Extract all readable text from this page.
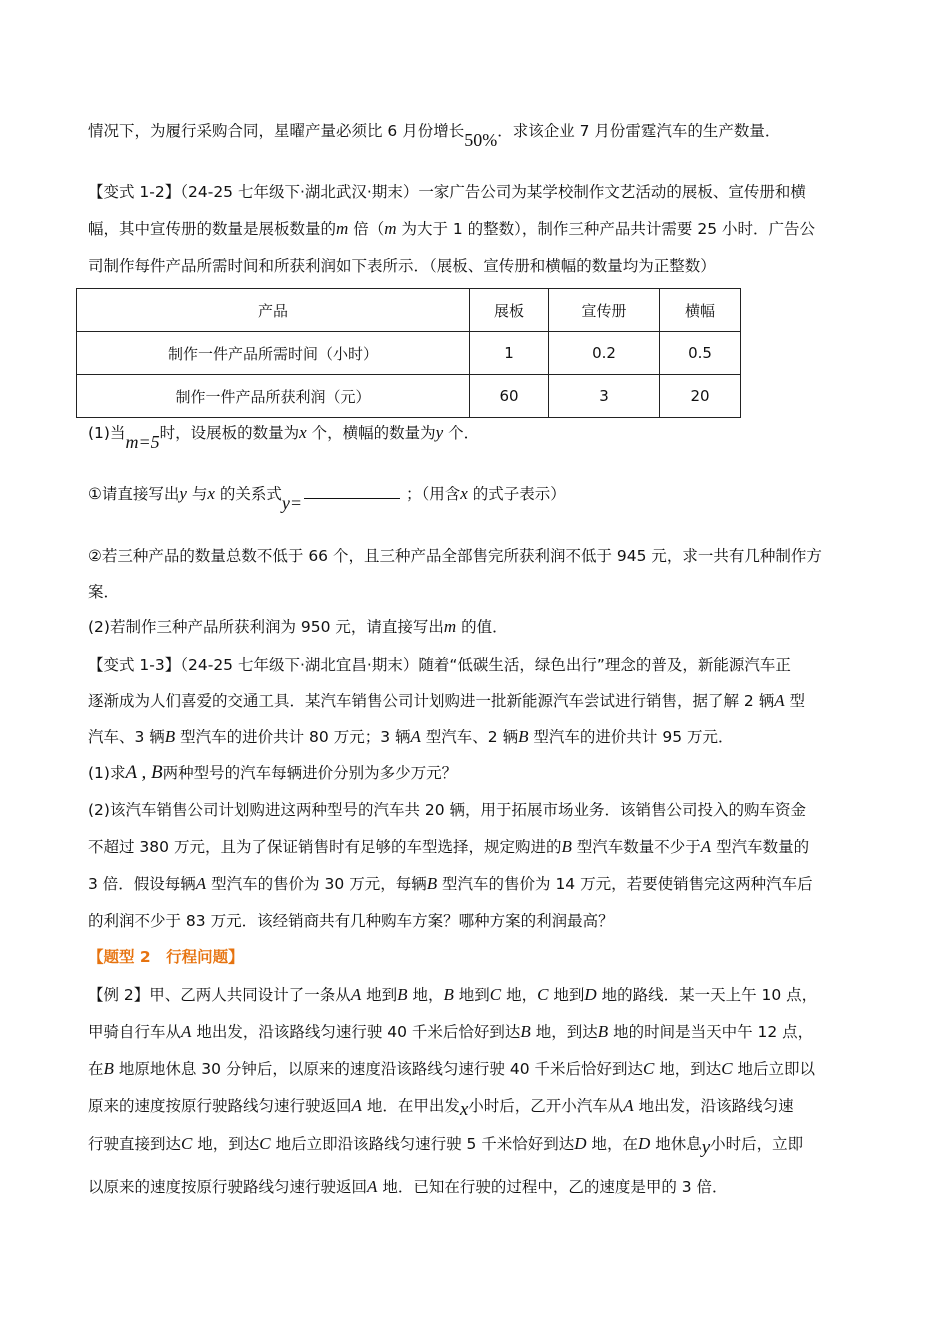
情况下，为履行采购合同，星曜产量必须比 6 月份增长50%．求该企业 7 月份雷霆汽车的生产数量．
【变式 1-2】（24-25 七年级下·湖北武汉·期末）一家广告公司为某学校制作文艺活动的展板、宣传册和横
幅，其中宣传册的数量是展板数量的m 倍（m 为大于 1 的整数），制作三种产品共计需要 25 小时．广告公
司制作每件产品所需时间和所获利润如下表所示．（展板、宣传册和横幅的数量均为正整数）
产品	展板	宣传册	横幅
制作一件产品所需时间（小时）	1	0.2	0.5
制作一件产品所获利润（元）	60	3	20
(1)当m=5时，设展板的数量为x 个，横幅的数量为y 个．
①请直接写出y 与x 的关系式y=	；（用含x 的式子表示）
②若三种产品的数量总数不低于 66 个，且三种产品全部售完所获利润不低于 945 元，求一共有几种制作方
案．
(2)若制作三种产品所获利润为 950 元，请直接写出m 的值．
【变式 1-3】（24-25 七年级下·湖北宜昌·期末）随着“低碳生活，绿色出行”理念的普及，新能源汽车正
逐渐成为人们喜爱的交通工具．某汽车销售公司计划购进一批新能源汽车尝试进行销售，据了解 2 辆A 型
汽车、3 辆B 型汽车的进价共计 80 万元；3 辆A 型汽车、2 辆B 型汽车的进价共计 95 万元．
(1)求A , B两种型号的汽车每辆进价分别为多少万元？
(2)该汽车销售公司计划购进这两种型号的汽车共 20 辆，用于拓展市场业务．该销售公司投入的购车资金
不超过 380 万元，且为了保证销售时有足够的车型选择，规定购进的B 型汽车数量不少于A 型汽车数量的
3 倍．假设每辆A 型汽车的售价为 30 万元，每辆B 型汽车的售价为 14 万元，若要使销售完这两种汽车后
的利润不少于 83 万元．该经销商共有几种购车方案？哪种方案的利润最高？
【题型 2　行程问题】
【例 2】甲、乙两人共同设计了一条从A 地到B 地，B 地到C 地，C 地到D 地的路线．某一天上午 10 点，
甲骑自行车从A 地出发，沿该路线匀速行驶 40 千米后恰好到达B 地，到达B 地的时间是当天中午 12 点，
在B 地原地休息 30 分钟后，以原来的速度沿该路线匀速行驶 40 千米后恰好到达C 地，到达C 地后立即以
原来的速度按原行驶路线匀速行驶返回A 地．在甲出发x小时后，乙开小汽车从A 地出发，沿该路线匀速
行驶直接到达C 地，到达C 地后立即沿该路线匀速行驶 5 千米恰好到达D 地，在D 地休息y小时后，立即
以原来的速度按原行驶路线匀速行驶返回A 地．已知在行驶的过程中，乙的速度是甲的 3 倍．
